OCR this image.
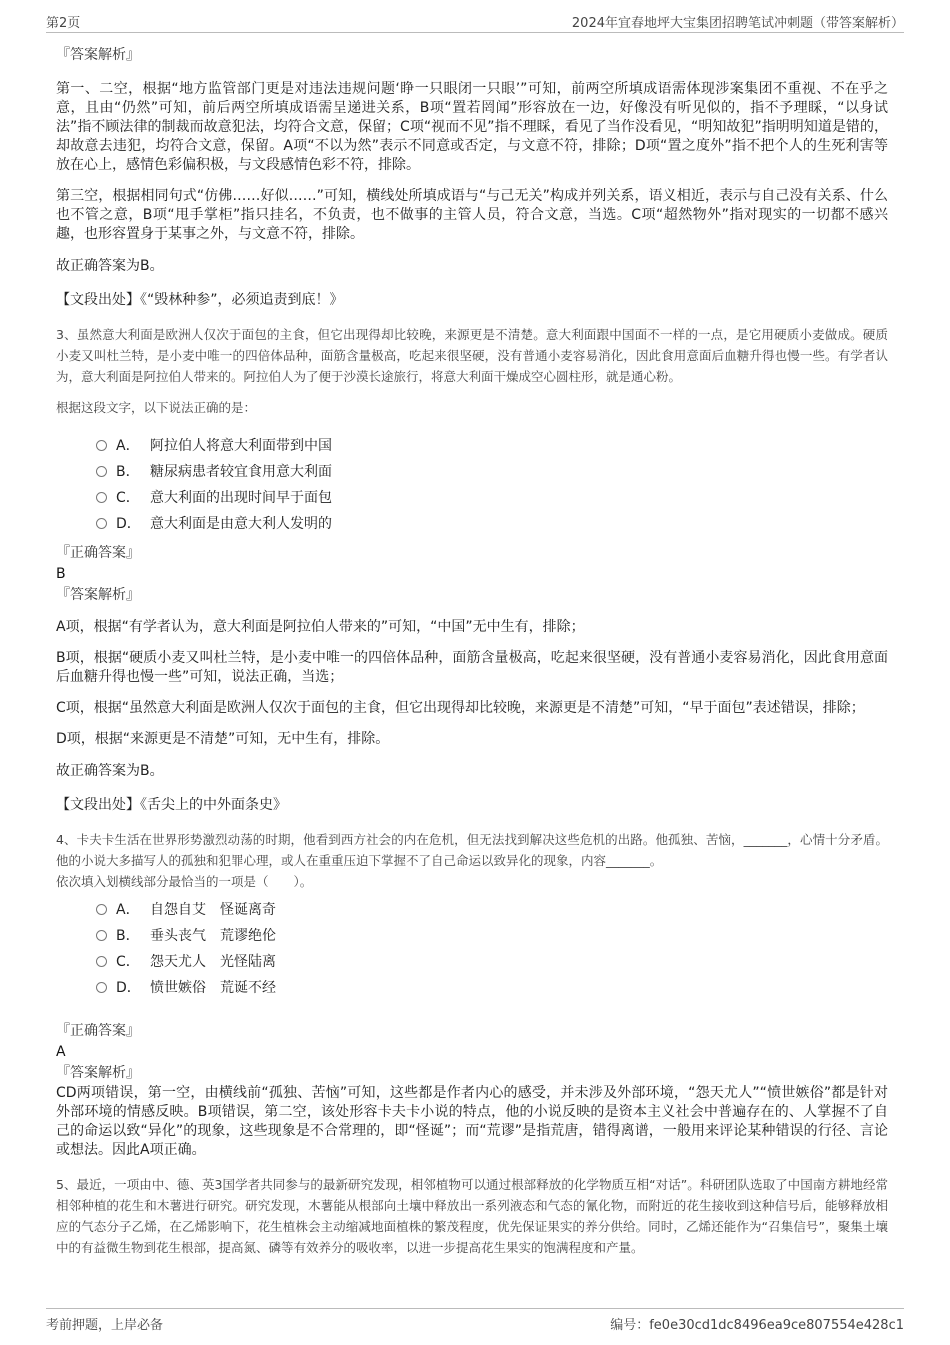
第2页	2024年宜春地坪大宝集团招聘笔试冲刺题（带答案解析）
『答案解析』

第一、二空，根据“地方监管部门更是对违法违规问题‘睁一只眼闭一只眼’”可知，前两空所填成语需体现涉案集团不重视、不在乎之意，且由“仍然”可知，前后两空所填成语需呈递进关系，B项“置若罔闻”形容放在一边，好像没有听见似的，指不予理睬，“以身试法”指不顾法律的制裁而故意犯法，均符合文意，保留；C项“视而不见”指不理睬，看见了当作没看见，“明知故犯”指明明知道是错的，却故意去违犯，均符合文意，保留。A项“不以为然”表示不同意或否定，与文意不符，排除；D项“置之度外”指不把个人的生死利害等放在心上，感情色彩偏积极，与文段感情色彩不符，排除。

第三空，根据相同句式“仿佛……好似……”可知，横线处所填成语与“与己无关”构成并列关系，语义相近，表示与自己没有关系、什么也不管之意，B项“甩手掌柜”指只挂名，不负责，也不做事的主管人员，符合文意，当选。C项“超然物外”指对现实的一切都不感兴趣，也形容置身于某事之外，与文意不符，排除。

故正确答案为B。
【文段出处】《“毁林种参”，必须追责到底！》

3、虽然意大利面是欧洲人仅次于面包的主食，但它出现得却比较晚，来源更是不清楚。意大利面跟中国面不一样的一点，是它用硬质小麦做成。硬质小麦又叫杜兰特，是小麦中唯一的四倍体品种，面筋含量极高，吃起来很坚硬，没有普通小麦容易消化，因此食用意面后血糖升得也慢一些。有学者认为，意大利面是阿拉伯人带来的。阿拉伯人为了便于沙漠长途旅行，将意大利面干燥成空心圆柱形，就是通心粉。

根据这段文字，以下说法正确的是：

A． 阿拉伯人将意大利面带到中国
B． 糖尿病患者较宜食用意大利面
C． 意大利面的出现时间早于面包
D． 意大利面是由意大利人发明的
『正确答案』
B
『答案解析』

A项，根据“有学者认为，意大利面是阿拉伯人带来的”可知，“中国”无中生有，排除；

B项，根据“硬质小麦又叫杜兰特，是小麦中唯一的四倍体品种，面筋含量极高，吃起来很坚硬，没有普通小麦容易消化，因此食用意面后血糖升得也慢一些”可知，说法正确，当选；

C项，根据“虽然意大利面是欧洲人仅次于面包的主食，但它出现得却比较晚，来源更是不清楚”可知，“早于面包”表述错误，排除；

D项，根据“来源更是不清楚”可知，无中生有，排除。

故正确答案为B。
【文段出处】《舌尖上的中外面条史》

4、卡夫卡生活在世界形势激烈动荡的时期，他看到西方社会的内在危机，但无法找到解决这些危机的出路。他孤独、苦恼，_______，心情十分矛盾。他的小说大多描写人的孤独和犯罪心理，或人在重重压迫下掌握不了自己命运以致异化的现象，内容_______。

依次填入划横线部分最恰当的一项是（　　）。

A． 自怨自艾　怪诞离奇
B． 垂头丧气　荒谬绝伦
C． 怨天尤人　光怪陆离
D． 愤世嫉俗　荒诞不经
『正确答案』
A
『答案解析』

CD两项错误，第一空，由横线前“孤独、苦恼”可知，这些都是作者内心的感受，并未涉及外部环境，“怨天尤人”“愤世嫉俗”都是针对外部环境的情感反映。B项错误，第二空，该处形容卡夫卡小说的特点，他的小说反映的是资本主义社会中普遍存在的、人掌握不了自己的命运以致“异化”的现象，这些现象是不合常理的，即“怪诞”；而“荒谬”是指荒唐，错得离谱，一般用来评论某种错误的行径、言论或想法。因此A项正确。

5、最近，一项由中、德、英3国学者共同参与的最新研究发现，相邻植物可以通过根部释放的化学物质互相“对话”。科研团队选取了中国南方耕地经常相邻种植的花生和木薯进行研究。研究发现，木薯能从根部向土壤中释放出一系列液态和气态的氰化物，而附近的花生接收到这种信号后，能够释放相应的气态分子乙烯，在乙烯影响下，花生植株会主动缩减地面植株的繁茂程度，优先保证果实的养分供给。同时，乙烯还能作为“召集信号”，聚集土壤中的有益微生物到花生根部，提高氮、磷等有效养分的吸收率，以进一步提高花生果实的饱满程度和产量。

考前押题，上岸必备	编号：fe0e30cd1dc8496ea9ce807554e428c1
